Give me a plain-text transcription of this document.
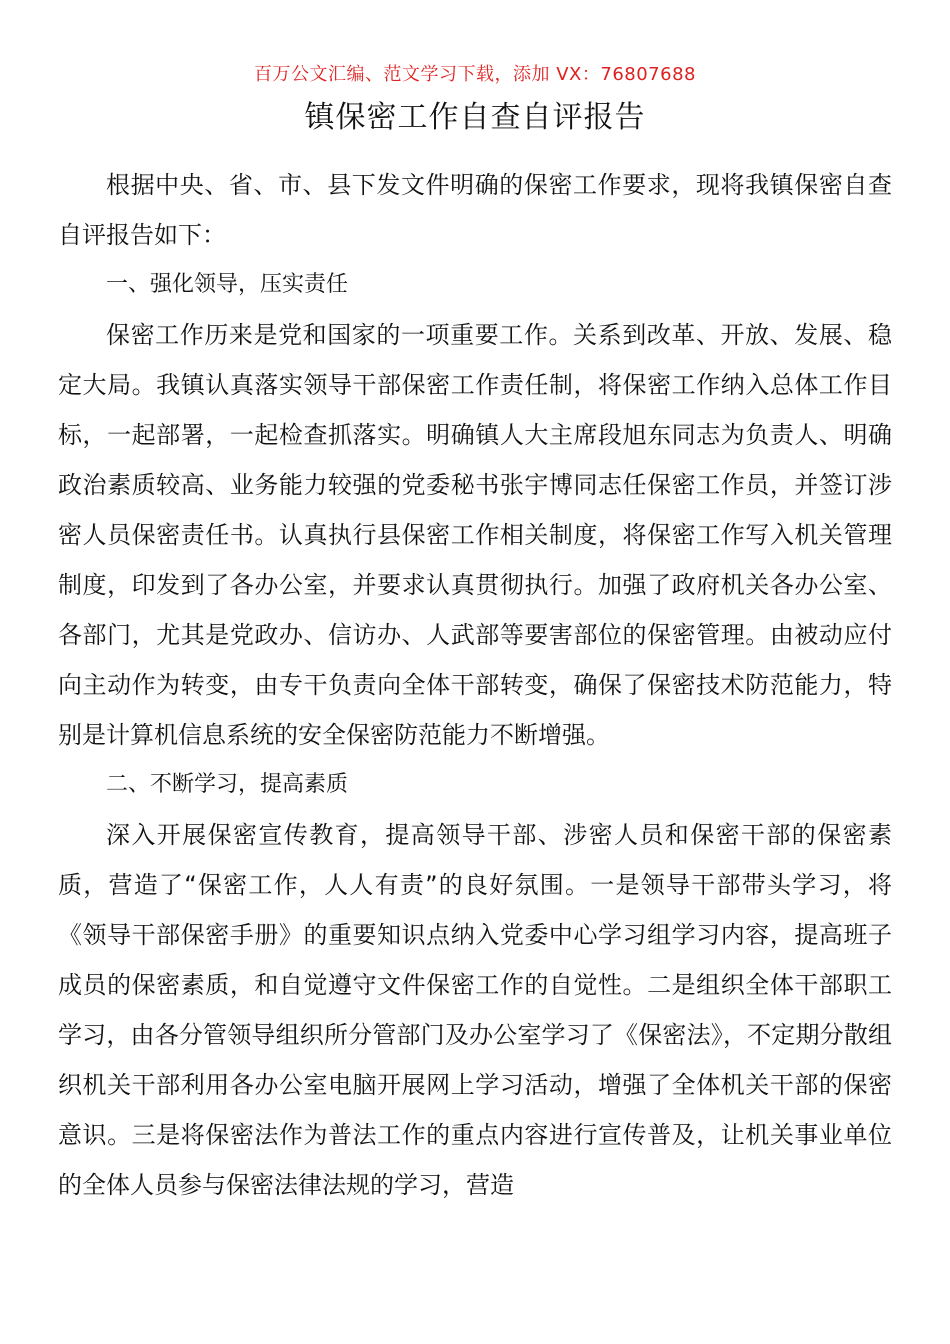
百万公文汇编、范文学习下载，添加 VX：76807688

镇保密工作自查自评报告

根据中央、省、市、县下发文件明确的保密工作要求，现将我镇保密自查自评报告如下：

一、强化领导，压实责任

保密工作历来是党和国家的一项重要工作。关系到改革、开放、发展、稳定大局。我镇认真落实领导干部保密工作责任制，将保密工作纳入总体工作目标，一起部署，一起检查抓落实。明确镇人大主席段旭东同志为负责人、明确政治素质较高、业务能力较强的党委秘书张宇博同志任保密工作员，并签订涉密人员保密责任书。认真执行县保密工作相关制度，将保密工作写入机关管理制度，印发到了各办公室，并要求认真贯彻执行。加强了政府机关各办公室、各部门，尤其是党政办、信访办、人武部等要害部位的保密管理。由被动应付向主动作为转变，由专干负责向全体干部转变，确保了保密技术防范能力，特别是计算机信息系统的安全保密防范能力不断增强。

二、不断学习，提高素质

深入开展保密宣传教育，提高领导干部、涉密人员和保密干部的保密素质，营造了“保密工作，人人有责”的良好氛围。一是领导干部带头学习，将《领导干部保密手册》的重要知识点纳入党委中心学习组学习内容，提高班子成员的保密素质，和自觉遵守文件保密工作的自觉性。二是组织全体干部职工学习，由各分管领导组织所分管部门及办公室学习了《保密法》，不定期分散组织机关干部利用各办公室电脑开展网上学习活动，增强了全体机关干部的保密意识。三是将保密法作为普法工作的重点内容进行宣传普及，让机关事业单位的全体人员参与保密法律法规的学习，营造
